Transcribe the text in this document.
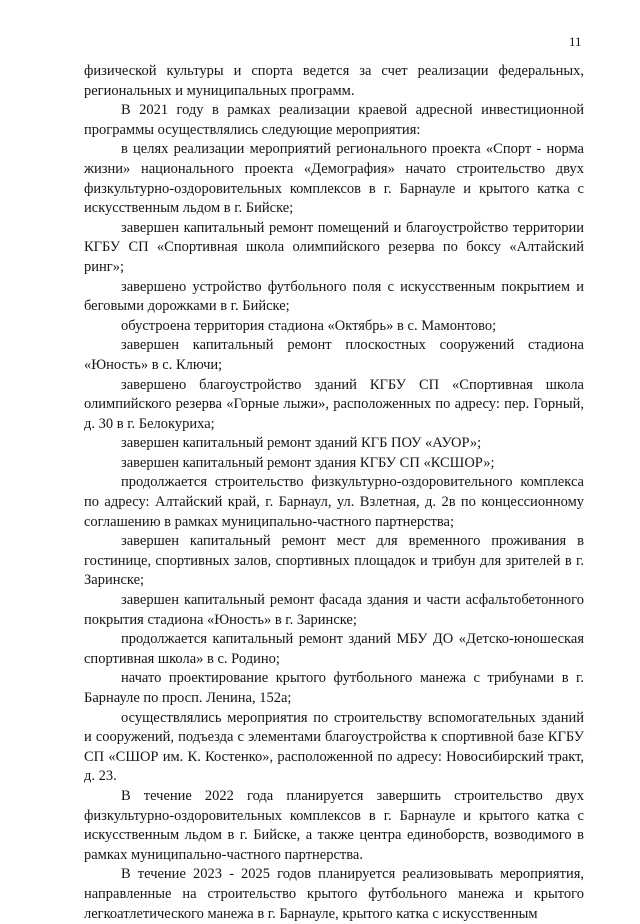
11

физической культуры и спорта ведется за счет реализации федеральных, региональных и муниципальных программ.

В 2021 году в рамках реализации краевой адресной инвестиционной программы осуществлялись следующие мероприятия:

в целях реализации мероприятий регионального проекта «Спорт - норма жизни» национального проекта «Демография» начато строительство двух физкультурно-оздоровительных комплексов в г. Барнауле и крытого катка с искусственным льдом в г. Бийске;

завершен капитальный ремонт помещений и благоустройство территории КГБУ СП «Спортивная школа олимпийского резерва по боксу «Алтайский ринг»;

завершено устройство футбольного поля с искусственным покрытием и беговыми дорожками в г. Бийске;

обустроена территория стадиона «Октябрь» в с. Мамонтово;

завершен капитальный ремонт плоскостных сооружений стадиона «Юность» в с. Ключи;

завершено благоустройство зданий КГБУ СП «Спортивная школа олимпийского резерва «Горные лыжи», расположенных по адресу: пер. Горный, д. 30 в г. Белокуриха;

завершен капитальный ремонт зданий КГБ ПОУ «АУОР»;

завершен капитальный ремонт здания КГБУ СП «КСШОР»;

продолжается строительство физкультурно-оздоровительного комплекса по адресу: Алтайский край, г. Барнаул, ул. Взлетная, д. 2в по концессионному соглашению в рамках муниципально-частного партнерства;

завершен капитальный ремонт мест для временного проживания в гостинице, спортивных залов, спортивных площадок и трибун для зрителей в г. Заринске;

завершен капитальный ремонт фасада здания и части асфальтобетонного покрытия стадиона «Юность» в г. Заринске;

продолжается капитальный ремонт зданий МБУ ДО «Детско-юношеская спортивная школа» в с. Родино;

начато проектирование крытого футбольного манежа с трибунами в г. Барнауле по просп. Ленина, 152а;

осуществлялись мероприятия по строительству вспомогательных зданий и сооружений, подъезда с элементами благоустройства к спортивной базе КГБУ СП «СШОР им. К. Костенко», расположенной по адресу: Новосибирский тракт, д. 23.

В течение 2022 года планируется завершить строительство двух физкультурно-оздоровительных комплексов в г. Барнауле и крытого катка с искусственным льдом в г. Бийске, а также центра единоборств, возводимого в рамках муниципально-частного партнерства.

В течение 2023 - 2025 годов планируется реализовывать мероприятия, направленные на строительство крытого футбольного манежа и крытого легкоатлетического манежа в г. Барнауле, крытого катка с искусственным
